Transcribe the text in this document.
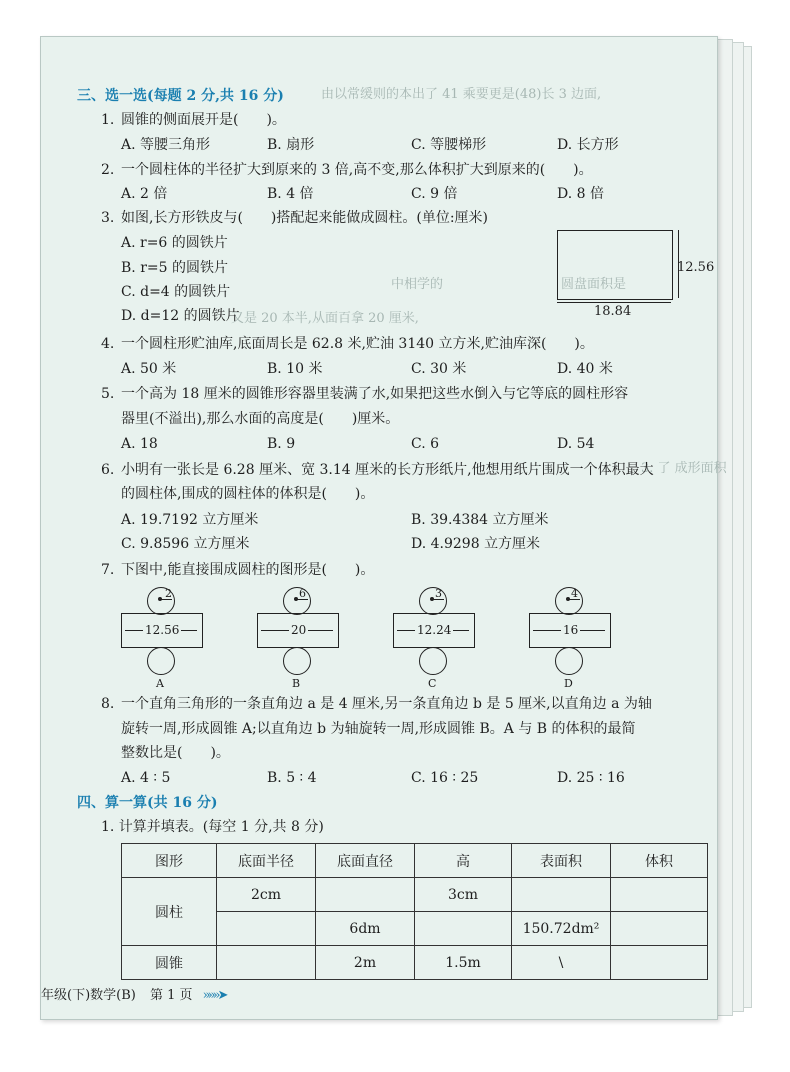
由以常缓则的本出了 41 乘要更是(48)长 3 边面,
圆盘面积是
中相学的
又是 20 本半,从面百拿 20 厘米,
3. 了 成形面积
三、选一选(每题 2 分,共 16 分)
1. 圆锥的侧面展开是(　　)。
A. 等腰三角形	B. 扇形	C. 等腰梯形	D. 长方形
2. 一个圆柱体的半径扩大到原来的 3 倍,高不变,那么体积扩大到原来的(　　)。
A. 2 倍	B. 4 倍	C. 9 倍	D. 8 倍
3. 如图,长方形铁皮与(　　)搭配起来能做成圆柱。(单位:厘米)
A. r=6 的圆铁片
B. r=5 的圆铁片
C. d=4 的圆铁片
D. d=12 的圆铁片
12.56
18.84
4. 一个圆柱形贮油库,底面周长是 62.8 米,贮油 3140 立方米,贮油库深(　　)。
A. 50 米	B. 10 米	C. 30 米	D. 40 米
5. 一个高为 18 厘米的圆锥形容器里装满了水,如果把这些水倒入与它等底的圆柱形容
器里(不溢出),那么水面的高度是(　　)厘米。
A. 18	B. 9	C. 6	D. 54
6. 小明有一张长是 6.28 厘米、宽 3.14 厘米的长方形纸片,他想用纸片围成一个体积最大
的圆柱体,围成的圆柱体的体积是(　　)。
A. 19.7192 立方厘米	B. 39.4384 立方厘米
C. 9.8596 立方厘米	D. 4.9298 立方厘米
7. 下图中,能直接围成圆柱的图形是(　　)。
2
12.56
A
6
20
B
3
12.24
C
4
16
D
8. 一个直角三角形的一条直角边 a 是 4 厘米,另一条直角边 b 是 5 厘米,以直角边 a 为轴
旋转一周,形成圆锥 A;以直角边 b 为轴旋转一周,形成圆锥 B。A 与 B 的体积的最简
整数比是(　　)。
A. 4 ∶ 5	B. 5 ∶ 4	C. 16 ∶ 25	D. 25 ∶ 16
四、算一算(共 16 分)
1. 计算并填表。(每空 1 分,共 8 分)
图形	底面半径	底面直径	高	表面积	体积
圆柱	2cm		3cm		
		6dm		150.72dm²	
圆锥		2m	1.5m	\	
年级(下)数学(B) 第 1 页 »»»➤
